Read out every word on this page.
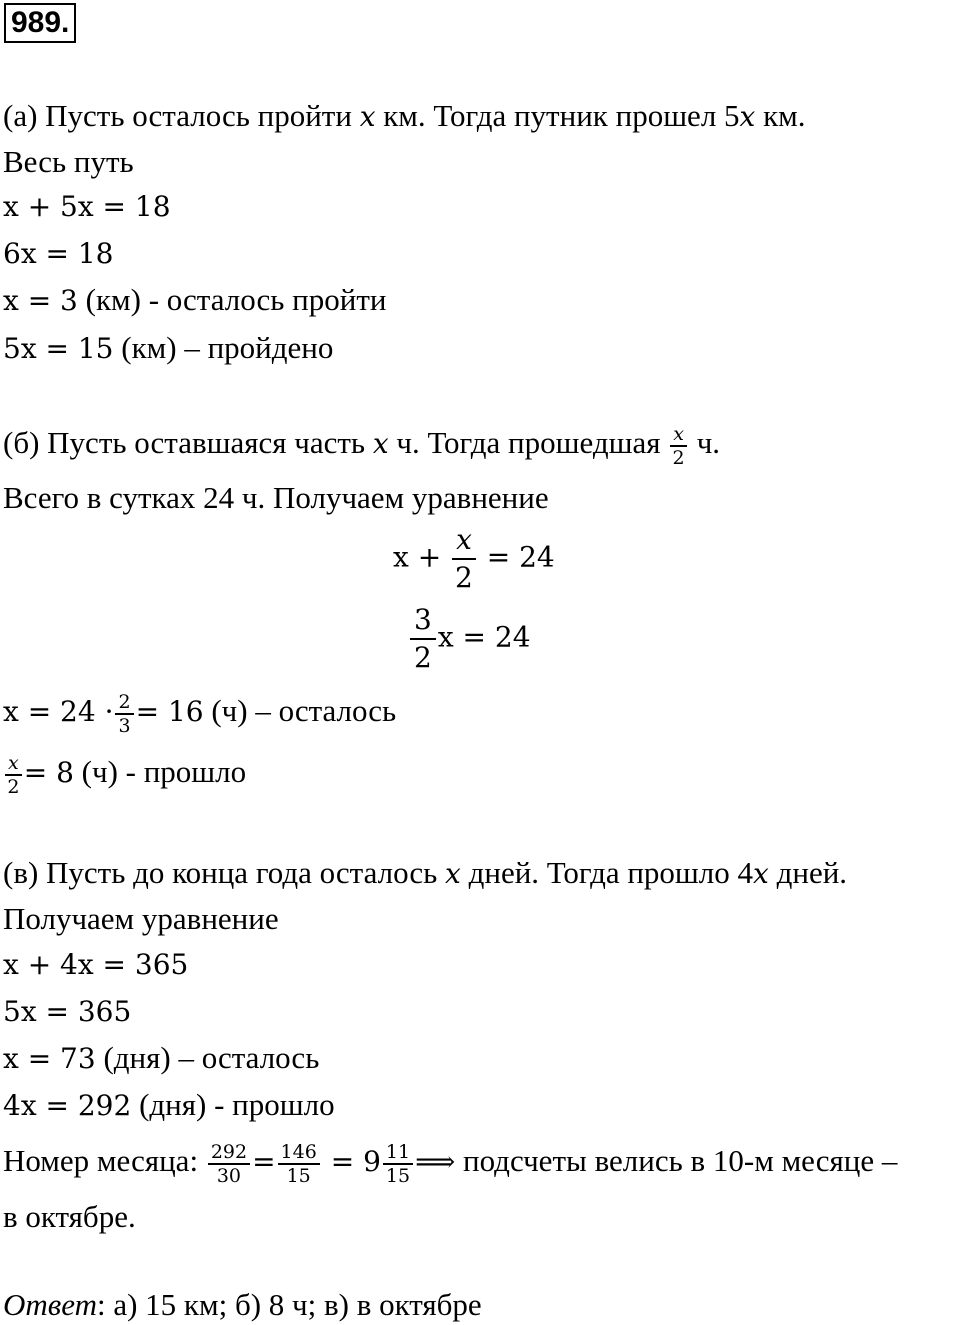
989.
(а) Пусть осталось пройти x км. Тогда путник прошел 5x км.
Весь путь
x + 5x = 18
6x = 18
x = 3 (км) - осталось пройти
5x = 15 (км) – пройдено
(б) Пусть оставшаяся часть x ч. Тогда прошедшая $\frac{x}{2} ч$.
Всего в сутках 24 ч. Получаем уравнение
$x + \frac{x}{2} = 24$
$\frac{3}{2}$ x = 24
$x = 24 \cdot \frac{2}{3} = 16$ (ч) – осталось
$\frac{x}{2} = 8$ (ч) - прошло
(в) Пусть до конца года осталось x дней. Тогда прошло 4x дней.
Получаем уравнение
x + 4x = 365
5x = 365
x = 73 (дня) – осталось
4x = 292 (дня) - прошло
Номер месяца: $\frac{292}{30} = \frac{146}{15} = 9 \frac{11}{15}$ ⟹ подсчеты велись в 10-м месяце –
в октябре.
Ответ: а) 15 км; б) 8 ч; в) в октябре
